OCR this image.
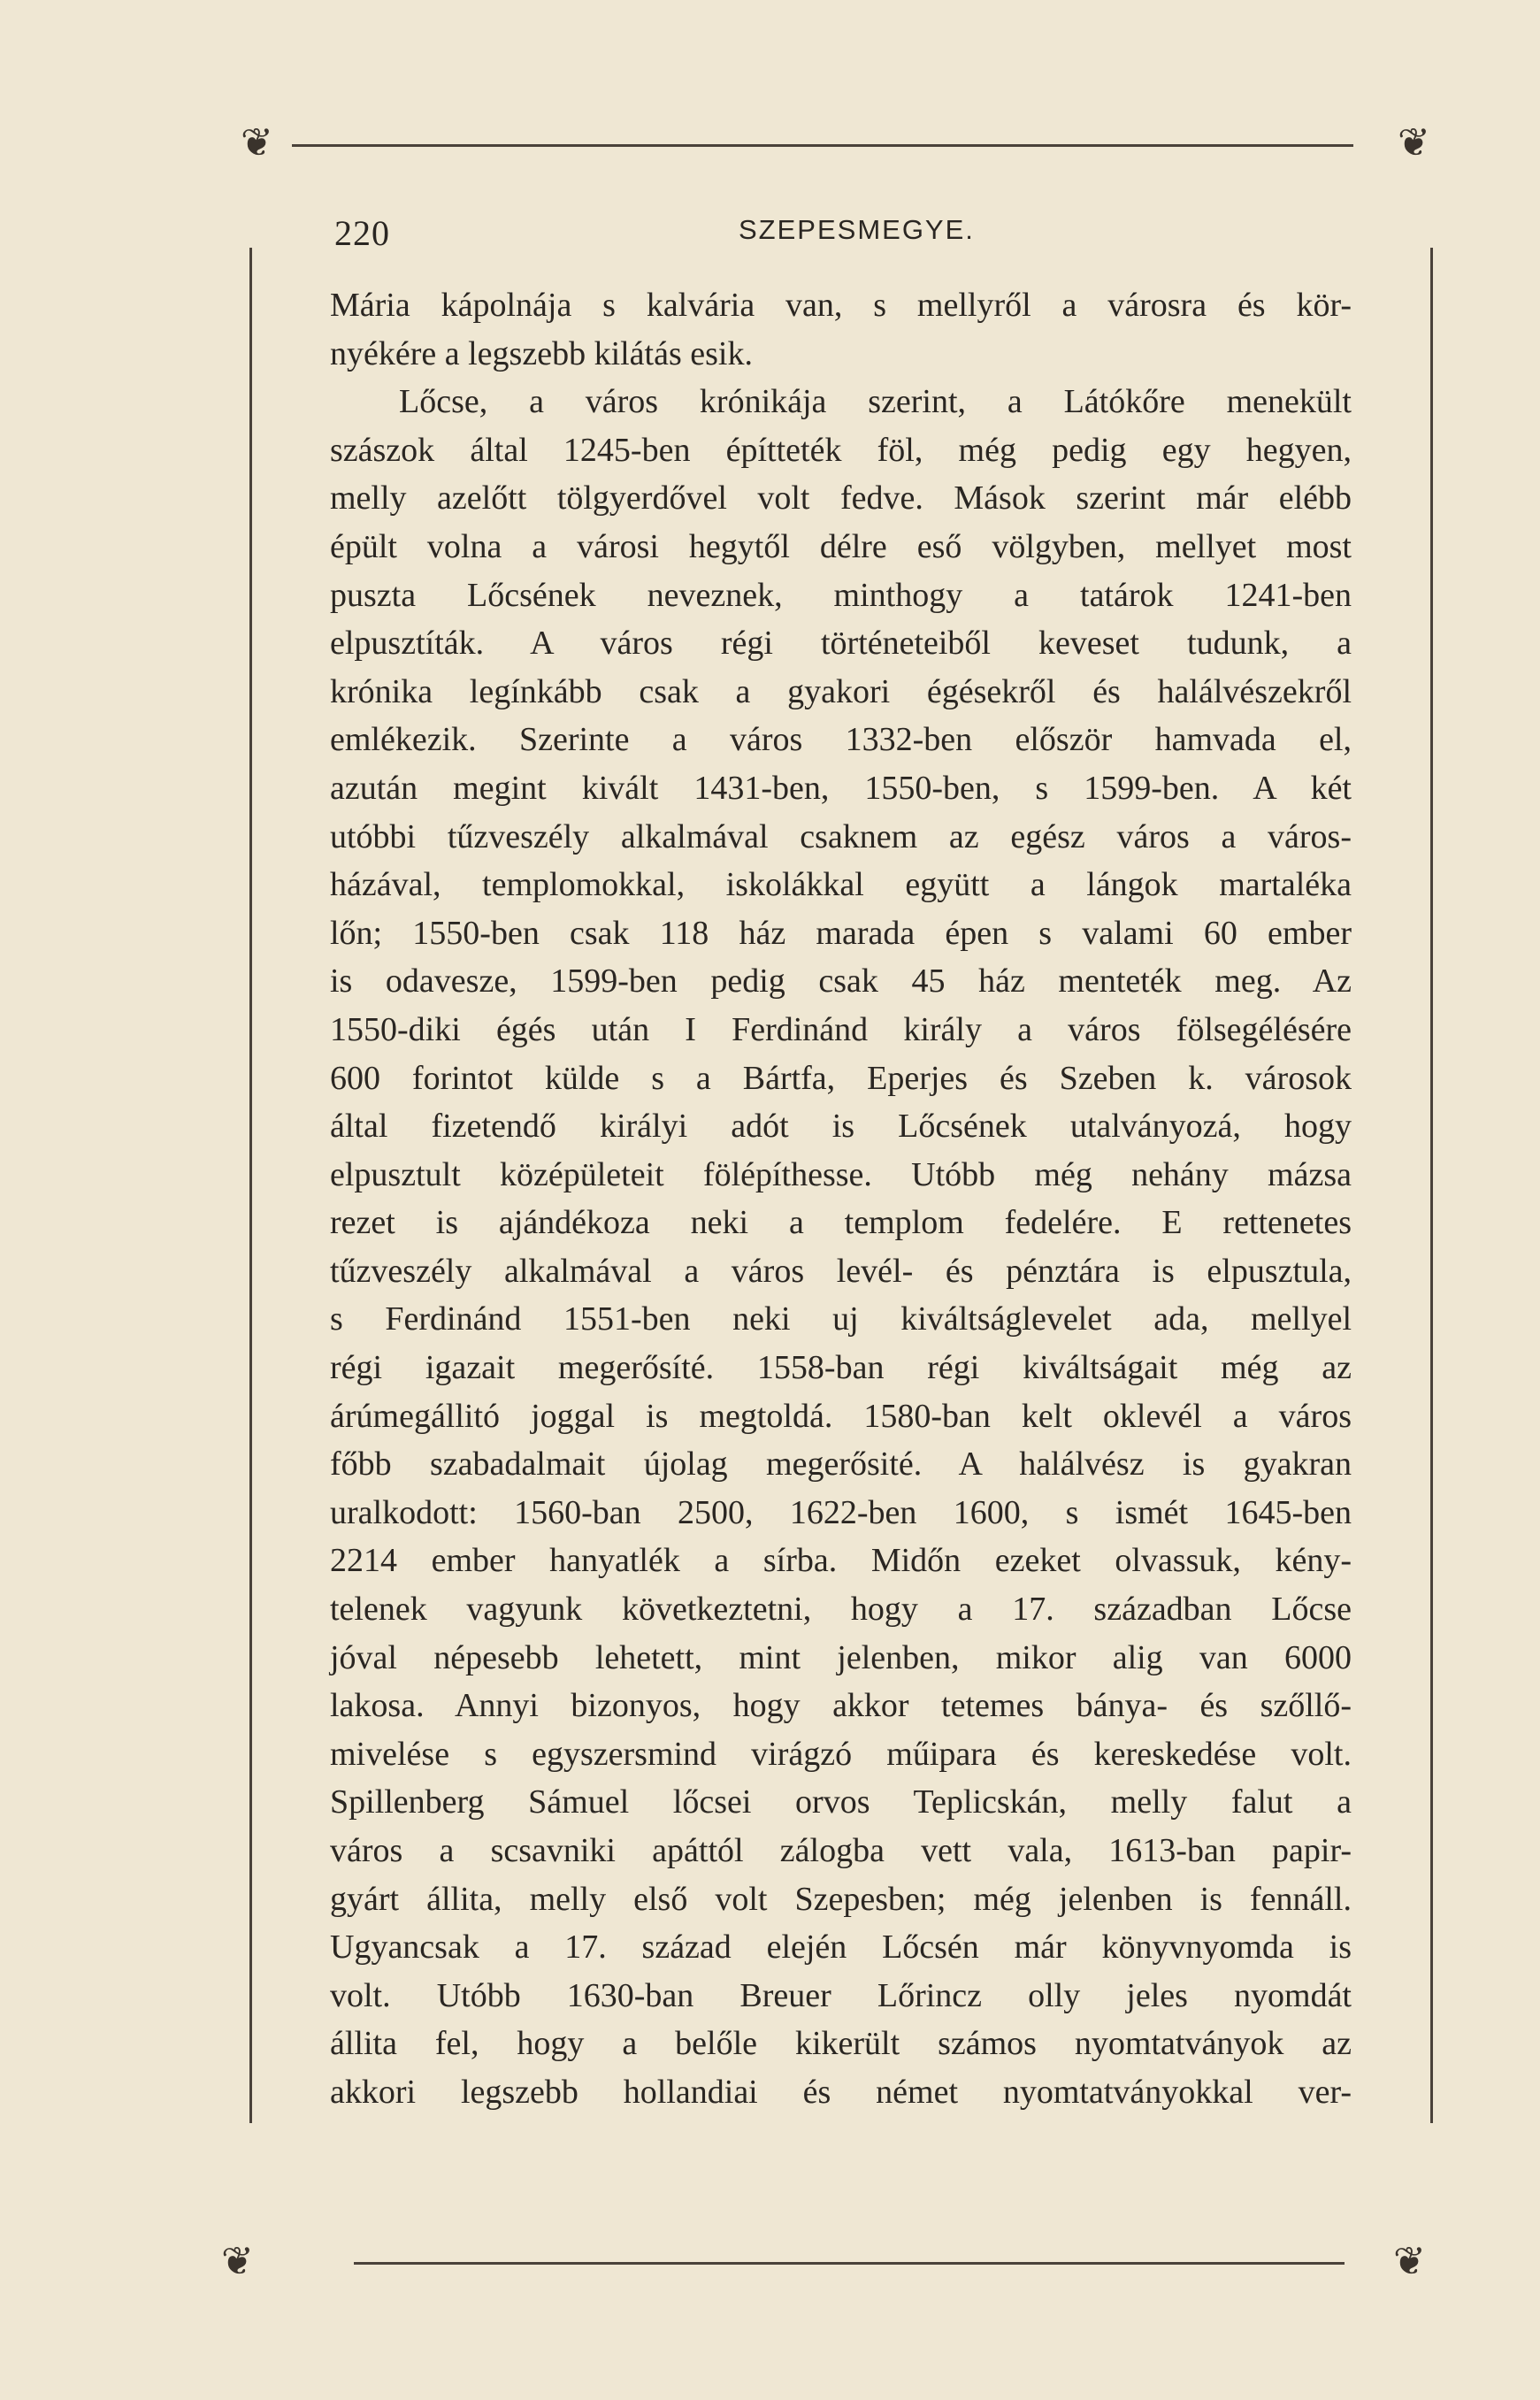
❦	❦
❦	❦
220	SZEPESMEGYE.
Mária kápolnája s kalvária van, s mellyről a városra és kör-
nyékére a legszebb kilátás esik.
Lőcse, a város krónikája szerint, a Látókőre menekült
szászok által 1245-ben építteték föl, még pedig egy hegyen,
melly azelőtt tölgyerdővel volt fedve. Mások szerint már elébb
épült volna a városi hegytől délre eső völgyben, mellyet most
puszta Lőcsének neveznek, minthogy a tatárok 1241-ben
elpusztíták. A város régi történeteiből keveset tudunk, a
krónika legínkább csak a gyakori égésekről és halálvészekről
emlékezik. Szerinte a város 1332-ben először hamvada el,
azután megint kivált 1431-ben, 1550-ben, s 1599-ben. A két
utóbbi tűzveszély alkalmával csaknem az egész város a város-
házával, templomokkal, iskolákkal együtt a lángok martaléka
lőn; 1550-ben csak 118 ház marada épen s valami 60 ember
is odavesze, 1599-ben pedig csak 45 ház menteték meg. Az
1550-diki égés után I Ferdinánd király a város fölsegélésére
600 forintot külde s a Bártfa, Eperjes és Szeben k. városok
által fizetendő királyi adót is Lőcsének utalványozá, hogy
elpusztult középületeit fölépíthesse. Utóbb még nehány mázsa
rezet is ajándékoza neki a templom fedelére. E rettenetes
tűzveszély alkalmával a város levél- és pénztára is elpusztula,
s Ferdinánd 1551-ben neki uj kiváltságlevelet ada, mellyel
régi igazait megerősíté. 1558-ban régi kiváltságait még az
árúmegállitó joggal is megtoldá. 1580-ban kelt oklevél a város
főbb szabadalmait újolag megerősité. A halálvész is gyakran
uralkodott: 1560-ban 2500, 1622-ben 1600, s ismét 1645-ben
2214 ember hanyatlék a sírba. Midőn ezeket olvassuk, kény-
telenek vagyunk következtetni, hogy a 17. században Lőcse
jóval népesebb lehetett, mint jelenben, mikor alig van 6000
lakosa. Annyi bizonyos, hogy akkor tetemes bánya- és szőllő-
mivelése s egyszersmind virágzó műipara és kereskedése volt.
Spillenberg Sámuel lőcsei orvos Teplicskán, melly falut a
város a scsavniki apáttól zálogba vett vala, 1613-ban papir-
gyárt állita, melly első volt Szepesben; még jelenben is fennáll.
Ugyancsak a 17. század elején Lőcsén már könyvnyomda is
volt. Utóbb 1630-ban Breuer Lőrincz olly jeles nyomdát
állita fel, hogy a belőle kikerült számos nyomtatványok az
akkori legszebb hollandiai és német nyomtatványokkal ver-
